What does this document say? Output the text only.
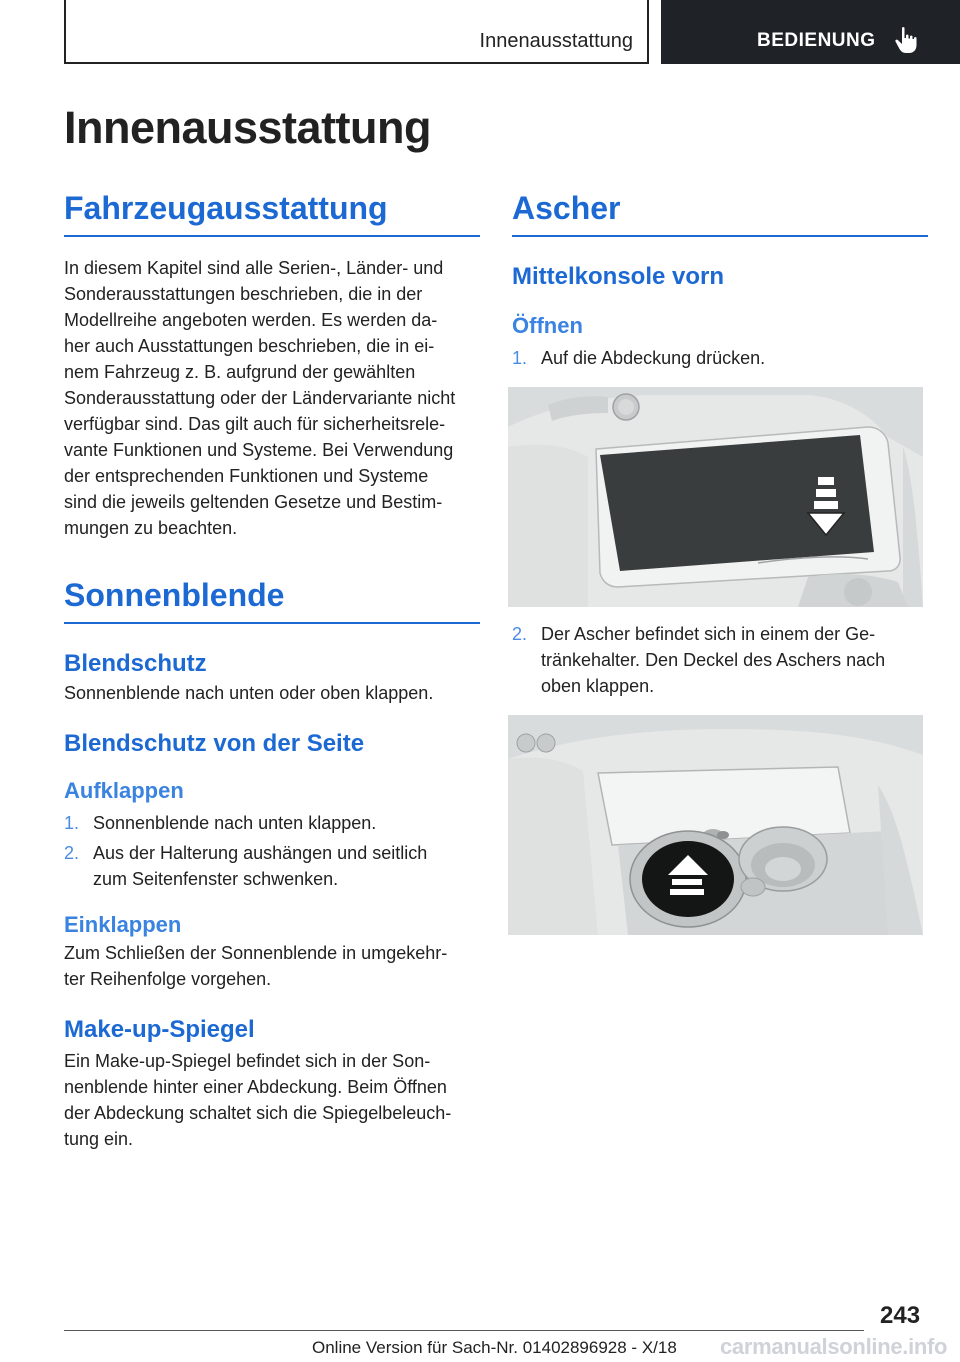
Innenausstattung	BEDIENUNG
Innenausstattung
Fahrzeugausstattung
In diesem Kapitel sind alle Serien-, Länder- und
Sonderausstattungen beschrieben, die in der
Modellreihe angeboten werden. Es werden da-
her auch Ausstattungen beschrieben, die in ei-
nem Fahrzeug z. B. aufgrund der gewählten
Sonderausstattung oder der Ländervariante nicht
verfügbar sind. Das gilt auch für sicherheitsrele-
vante Funktionen und Systeme. Bei Verwendung
der entsprechenden Funktionen und Systeme
sind die jeweils geltenden Gesetze und Bestim-
mungen zu beachten.
Sonnenblende
Blendschutz
Sonnenblende nach unten oder oben klappen.
Blendschutz von der Seite
Aufklappen
1. Sonnenblende nach unten klappen.
2. Aus der Halterung aushängen und seitlich
zum Seitenfenster schwenken.
Einklappen
Zum Schließen der Sonnenblende in umgekehr-
ter Reihenfolge vorgehen.
Make-up-Spiegel
Ein Make-up-Spiegel befindet sich in der Son-
nenblende hinter einer Abdeckung. Beim Öffnen
der Abdeckung schaltet sich die Spiegelbeleuch-
tung ein.
Ascher
Mittelkonsole vorn
Öffnen
1. Auf die Abdeckung drücken.
2. Der Ascher befindet sich in einem der Ge-
tränkehalter. Den Deckel des Aschers nach
oben klappen.
243
Online Version für Sach-Nr. 01402896928 - X/18 carmanualsonline.info
